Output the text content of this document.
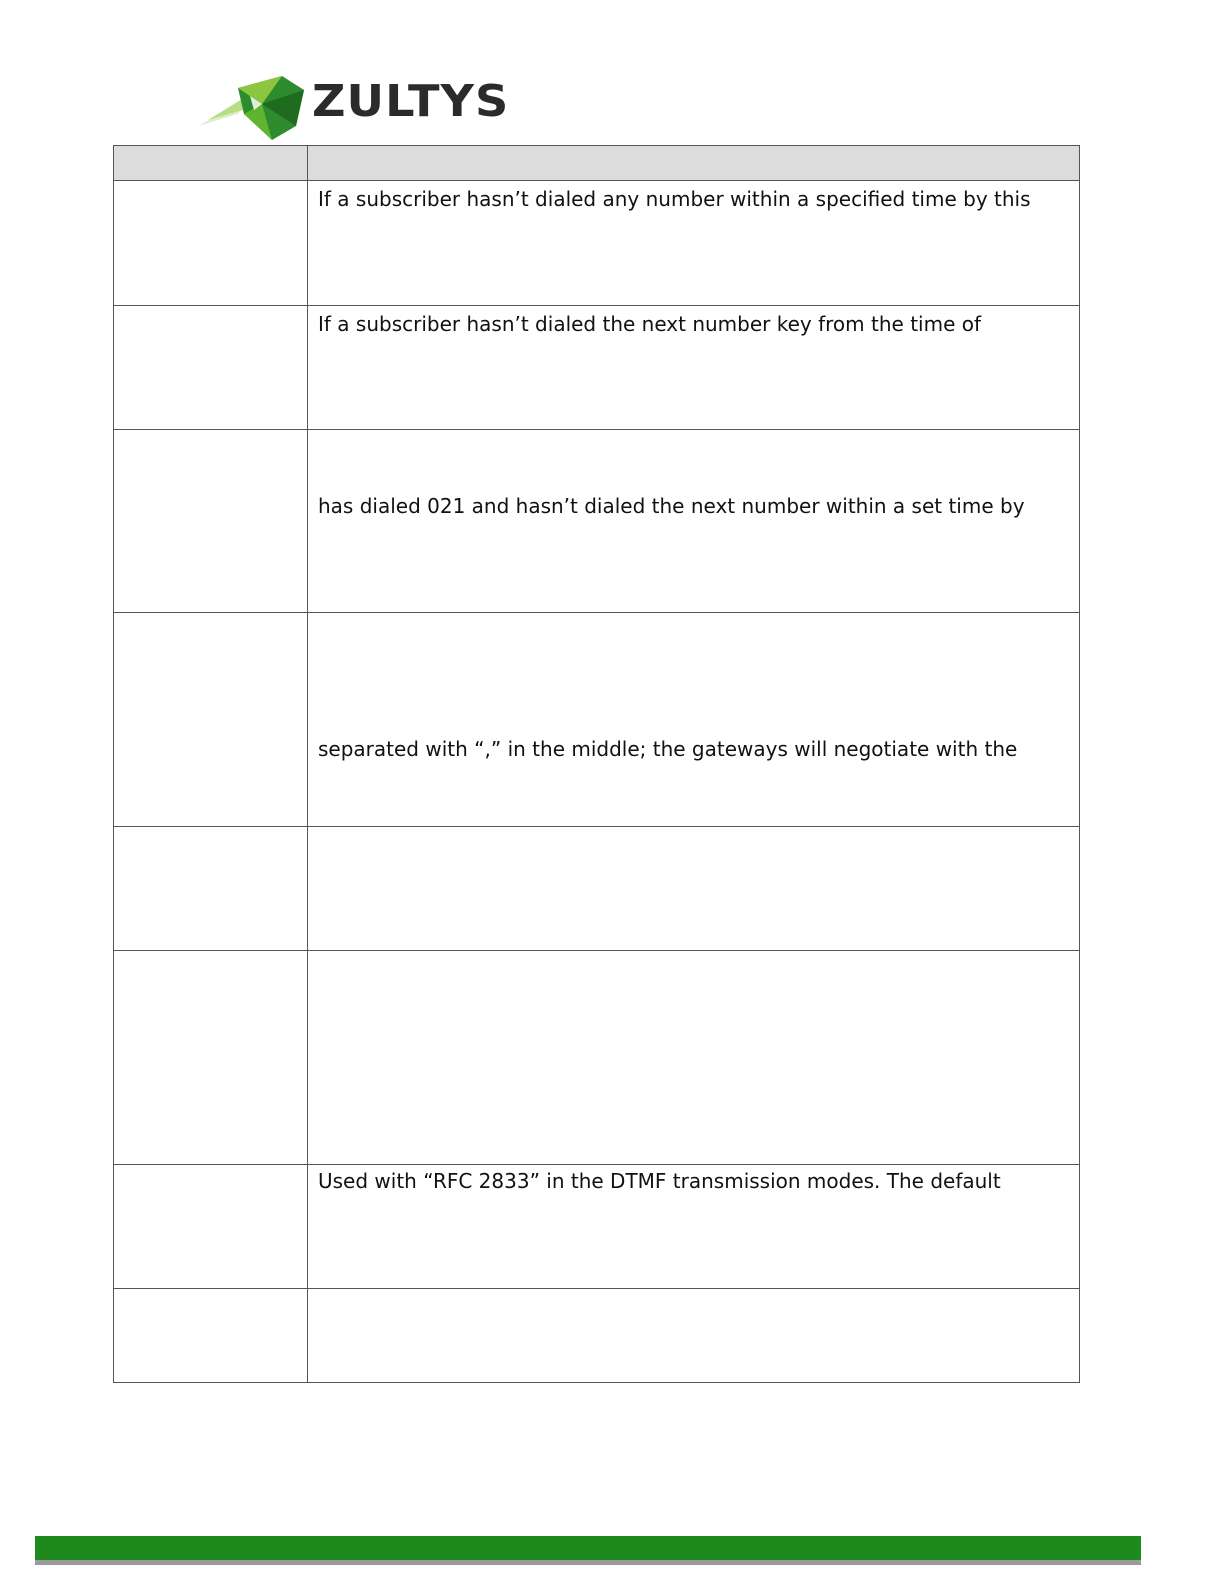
ZULTYS

	If a subscriber hasn’t dialed any number within a specified time by this

	If a subscriber hasn’t dialed the next number key from the time of

	has dialed 021 and hasn’t dialed the next number within a set time by

	separated with “,” in the middle; the gateways will negotiate with the

	Used with “RFC 2833” in the DTMF transmission modes. The default
